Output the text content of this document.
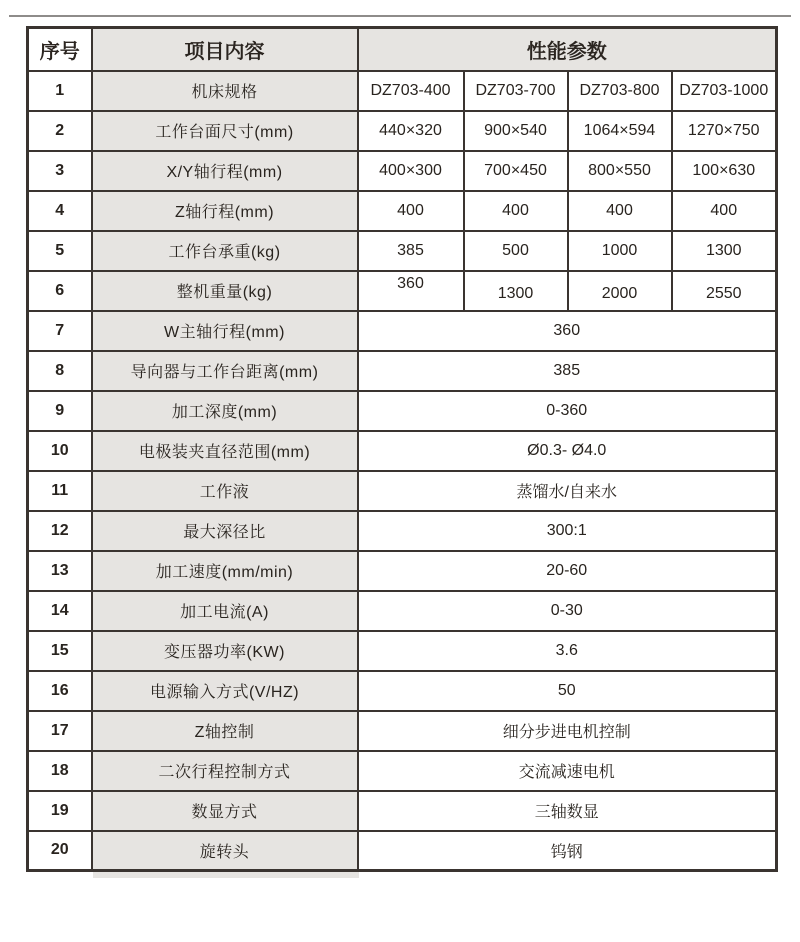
序号	项目内容	性能参数			
1	机床规格	DZ703-400	DZ703-700	DZ703-800	DZ703-1000
2	工作台面尺寸(mm)	440×320	900×540	1064×594	1270×750
3	X/Y轴行程(mm)	400×300	700×450	800×550	100×630
4	Z轴行程(mm)	400	400	400	400
5	工作台承重(kg)	385	500	1000	1300
6	整机重量(kg)	360	1300	2000	2550
7	W主轴行程(mm)	360			
8	导向器与工作台距离(mm)	385			
9	加工深度(mm)	0-360			
10	电极装夹直径范围(mm)	Ø0.3- Ø4.0			
11	工作液	蒸馏水/自来水			
12	最大深径比	300:1			
13	加工速度(mm/min)	20-60			
14	加工电流(A)	0-30			
15	变压器功率(KW)	3.6			
16	电源输入方式(V/HZ)	50			
17	Z轴控制	细分步进电机控制			
18	二次行程控制方式	交流减速电机			
19	数显方式	三轴数显			
20	旋转头	钨钢			
